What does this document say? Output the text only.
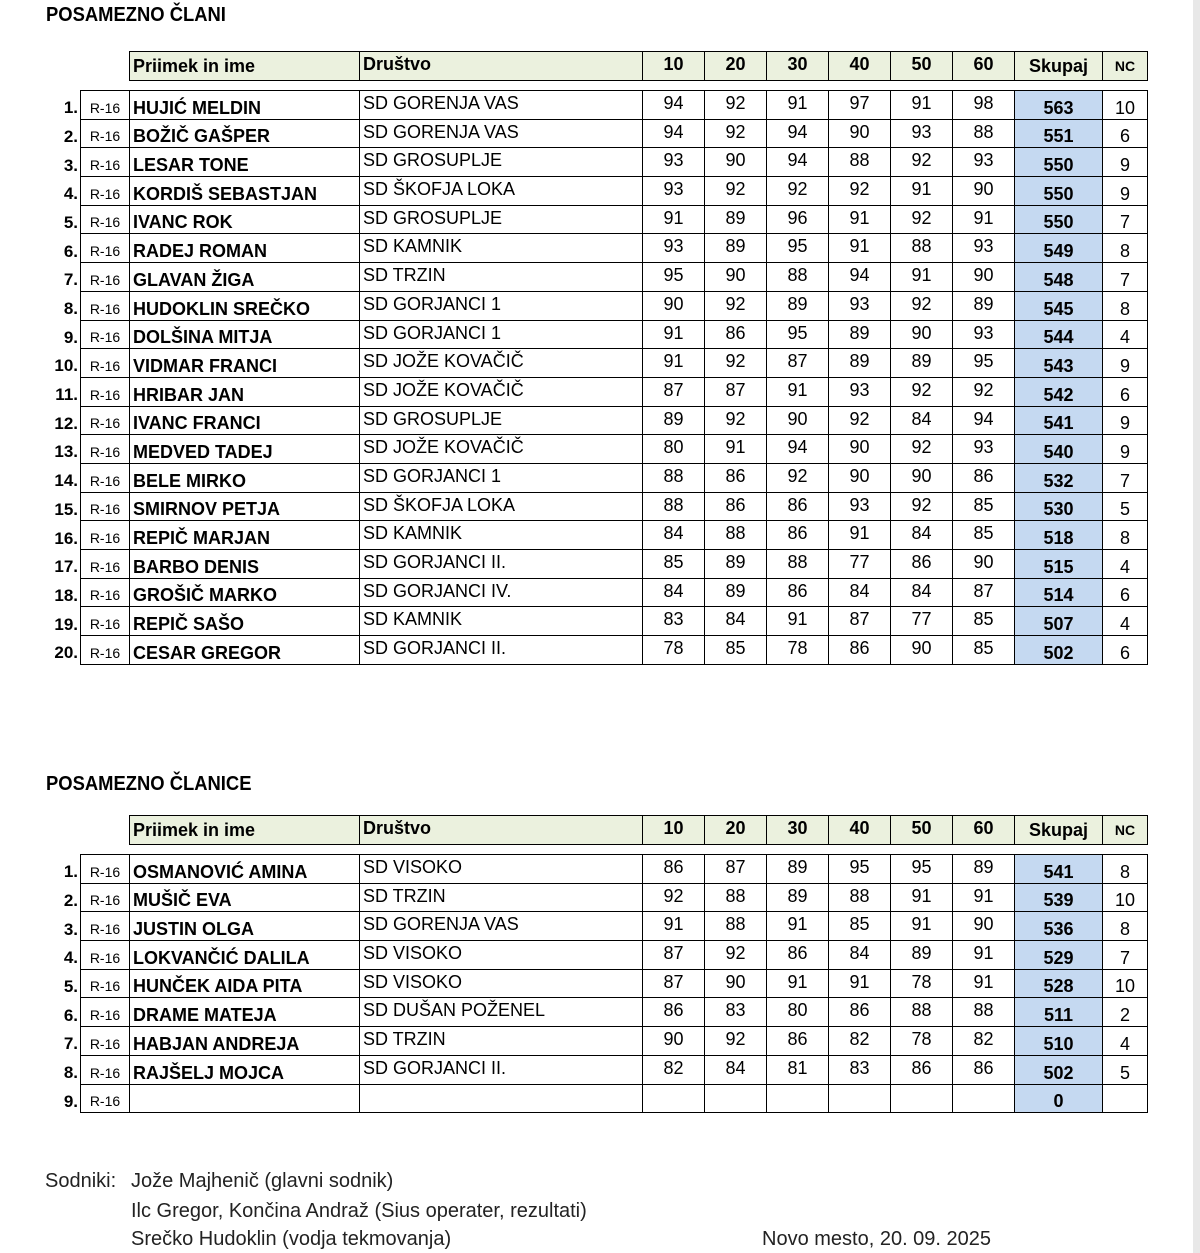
POSAMEZNO ČLANI
		Priimek in ime	Društvo	10	20	30	40	50	60	Skupaj	NC

1.	R-16	HUJIĆ MELDIN	SD GORENJA VAS	94	92	91	97	91	98	563	10
2.	R-16	BOŽIČ GAŠPER	SD GORENJA VAS	94	92	94	90	93	88	551	6
3.	R-16	LESAR TONE	SD GROSUPLJE	93	90	94	88	92	93	550	9
4.	R-16	KORDIŠ SEBASTJAN	SD ŠKOFJA LOKA	93	92	92	92	91	90	550	9
5.	R-16	IVANC ROK	SD GROSUPLJE	91	89	96	91	92	91	550	7
6.	R-16	RADEJ ROMAN	SD KAMNIK	93	89	95	91	88	93	549	8
7.	R-16	GLAVAN ŽIGA	SD TRZIN	95	90	88	94	91	90	548	7
8.	R-16	HUDOKLIN SREČKO	SD GORJANCI 1	90	92	89	93	92	89	545	8
9.	R-16	DOLŠINA MITJA	SD GORJANCI 1	91	86	95	89	90	93	544	4
10.	R-16	VIDMAR FRANCI	SD JOŽE KOVAČIČ	91	92	87	89	89	95	543	9
11.	R-16	HRIBAR JAN	SD JOŽE KOVAČIČ	87	87	91	93	92	92	542	6
12.	R-16	IVANC FRANCI	SD GROSUPLJE	89	92	90	92	84	94	541	9
13.	R-16	MEDVED TADEJ	SD JOŽE KOVAČIČ	80	91	94	90	92	93	540	9
14.	R-16	BELE MIRKO	SD GORJANCI 1	88	86	92	90	90	86	532	7
15.	R-16	SMIRNOV PETJA	SD ŠKOFJA LOKA	88	86	86	93	92	85	530	5
16.	R-16	REPIČ MARJAN	SD KAMNIK	84	88	86	91	84	85	518	8
17.	R-16	BARBO DENIS	SD GORJANCI II.	85	89	88	77	86	90	515	4
18.	R-16	GROŠIČ MARKO	SD GORJANCI IV.	84	89	86	84	84	87	514	6
19.	R-16	REPIČ SAŠO	SD KAMNIK	83	84	91	87	77	85	507	4
20.	R-16	CESAR GREGOR	SD GORJANCI II.	78	85	78	86	90	85	502	6
POSAMEZNO ČLANICE
		Priimek in ime	Društvo	10	20	30	40	50	60	Skupaj	NC

1.	R-16	OSMANOVIĆ AMINA	SD VISOKO	86	87	89	95	95	89	541	8
2.	R-16	MUŠIČ EVA	SD TRZIN	92	88	89	88	91	91	539	10
3.	R-16	JUSTIN OLGA	SD GORENJA VAS	91	88	91	85	91	90	536	8
4.	R-16	LOKVANČIĆ DALILA	SD VISOKO	87	92	86	84	89	91	529	7
5.	R-16	HUNČEK AIDA PITA	SD VISOKO	87	90	91	91	78	91	528	10
6.	R-16	DRAME MATEJA	SD DUŠAN POŽENEL	86	83	80	86	88	88	511	2
7.	R-16	HABJAN ANDREJA	SD TRZIN	90	92	86	82	78	82	510	4
8.	R-16	RAJŠELJ MOJCA	SD GORJANCI II.	82	84	81	83	86	86	502	5
9.	R-16									0	
Sodniki: Jože Majhenič (glavni sodnik)
Ilc Gregor, Končina Andraž (Sius operater, rezultati)
Srečko Hudoklin (vodja tekmovanja)	Novo mesto, 20. 09. 2025
